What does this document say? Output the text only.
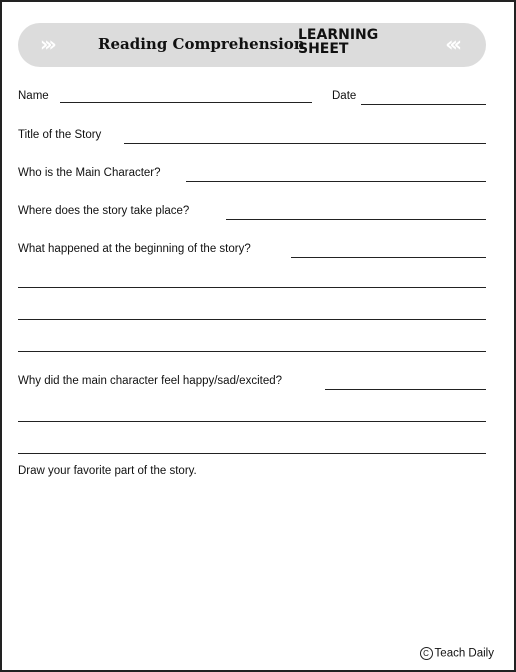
›››	Reading Comprehension
LEARNING
SHEET	‹‹‹
Name	Date
Title of the Story
Who is the Main Character?
Where does the story take place?
What happened at the beginning of the story?
Why did the main character feel happy/sad/excited?
Draw your favorite part of the story.
C Teach Daily
